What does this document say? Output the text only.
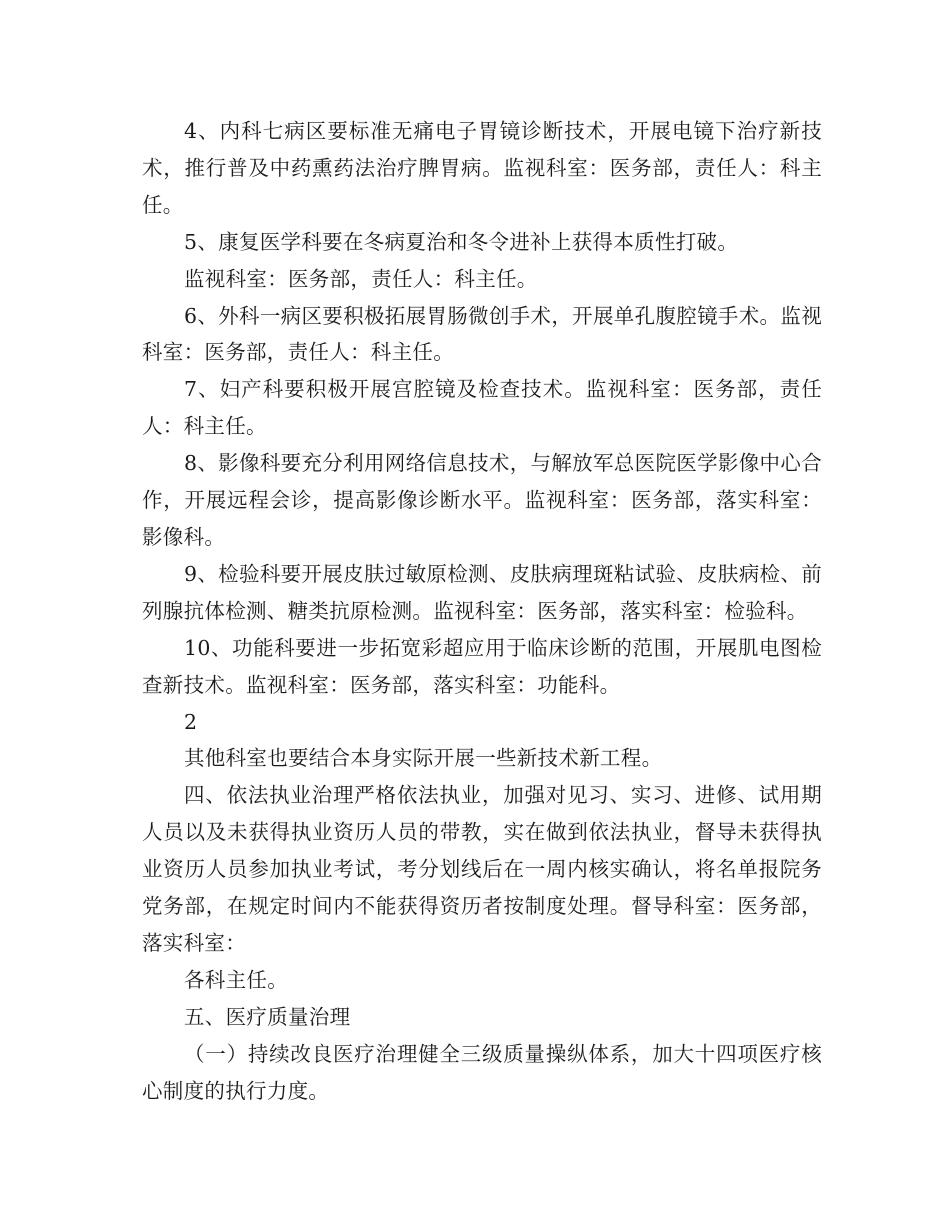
4、内科七病区要标准无痛电子胃镜诊断技术，开展电镜下治疗新技术，推行普及中药熏药法治疗脾胃病。监视科室：医务部，责任人：科主任。

5、康复医学科要在冬病夏治和冬令进补上获得本质性打破。

监视科室：医务部，责任人：科主任。

6、外科一病区要积极拓展胃肠微创手术，开展单孔腹腔镜手术。监视科室：医务部，责任人：科主任。

7、妇产科要积极开展宫腔镜及检查技术。监视科室：医务部，责任人：科主任。

8、影像科要充分利用网络信息技术，与解放军总医院医学影像中心合作，开展远程会诊，提高影像诊断水平。监视科室：医务部，落实科室：影像科。

9、检验科要开展皮肤过敏原检测、皮肤病理斑粘试验、皮肤病检、前列腺抗体检测、糖类抗原检测。监视科室：医务部，落实科室：检验科。

10、功能科要进一步拓宽彩超应用于临床诊断的范围，开展肌电图检查新技术。监视科室：医务部，落实科室：功能科。

2

其他科室也要结合本身实际开展一些新技术新工程。

四、依法执业治理严格依法执业，加强对见习、实习、进修、试用期人员以及未获得执业资历人员的带教，实在做到依法执业，督导未获得执业资历人员参加执业考试，考分划线后在一周内核实确认，将名单报院务党务部，在规定时间内不能获得资历者按制度处理。督导科室：医务部，落实科室：

各科主任。

五、医疗质量治理

（一）持续改良医疗治理健全三级质量操纵体系，加大十四项医疗核心制度的执行力度。
